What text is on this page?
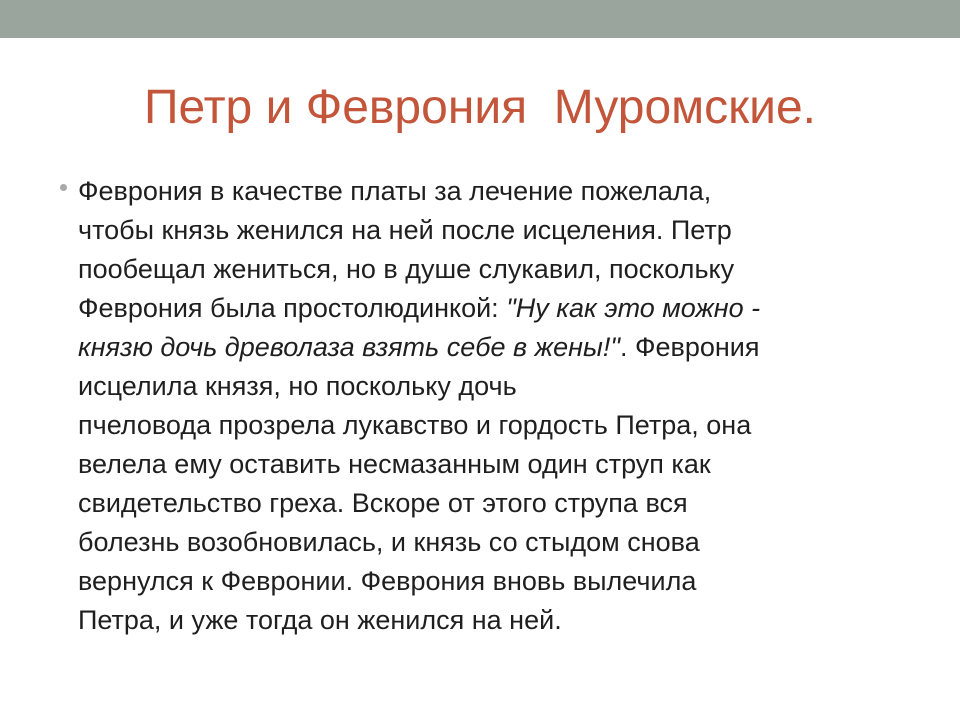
Петр и Феврония  Муромские.

Феврония в качестве платы за лечение пожелала,
чтобы князь женился на ней после исцеления. Петр
пообещал жениться, но в душе слукавил, поскольку
Феврония была простолюдинкой: "Ну как это можно -
князю дочь древолаза взять себе в жены!". Феврония
исцелила князя, но поскольку дочь
пчеловода прозрела лукавство и гордость Петра, она
велела ему оставить несмазанным один струп как
свидетельство греха. Вскоре от этого струпа вся
болезнь возобновилась, и князь со стыдом снова
вернулся к Февронии. Феврония вновь вылечила
Петра, и уже тогда он женился на ней.
